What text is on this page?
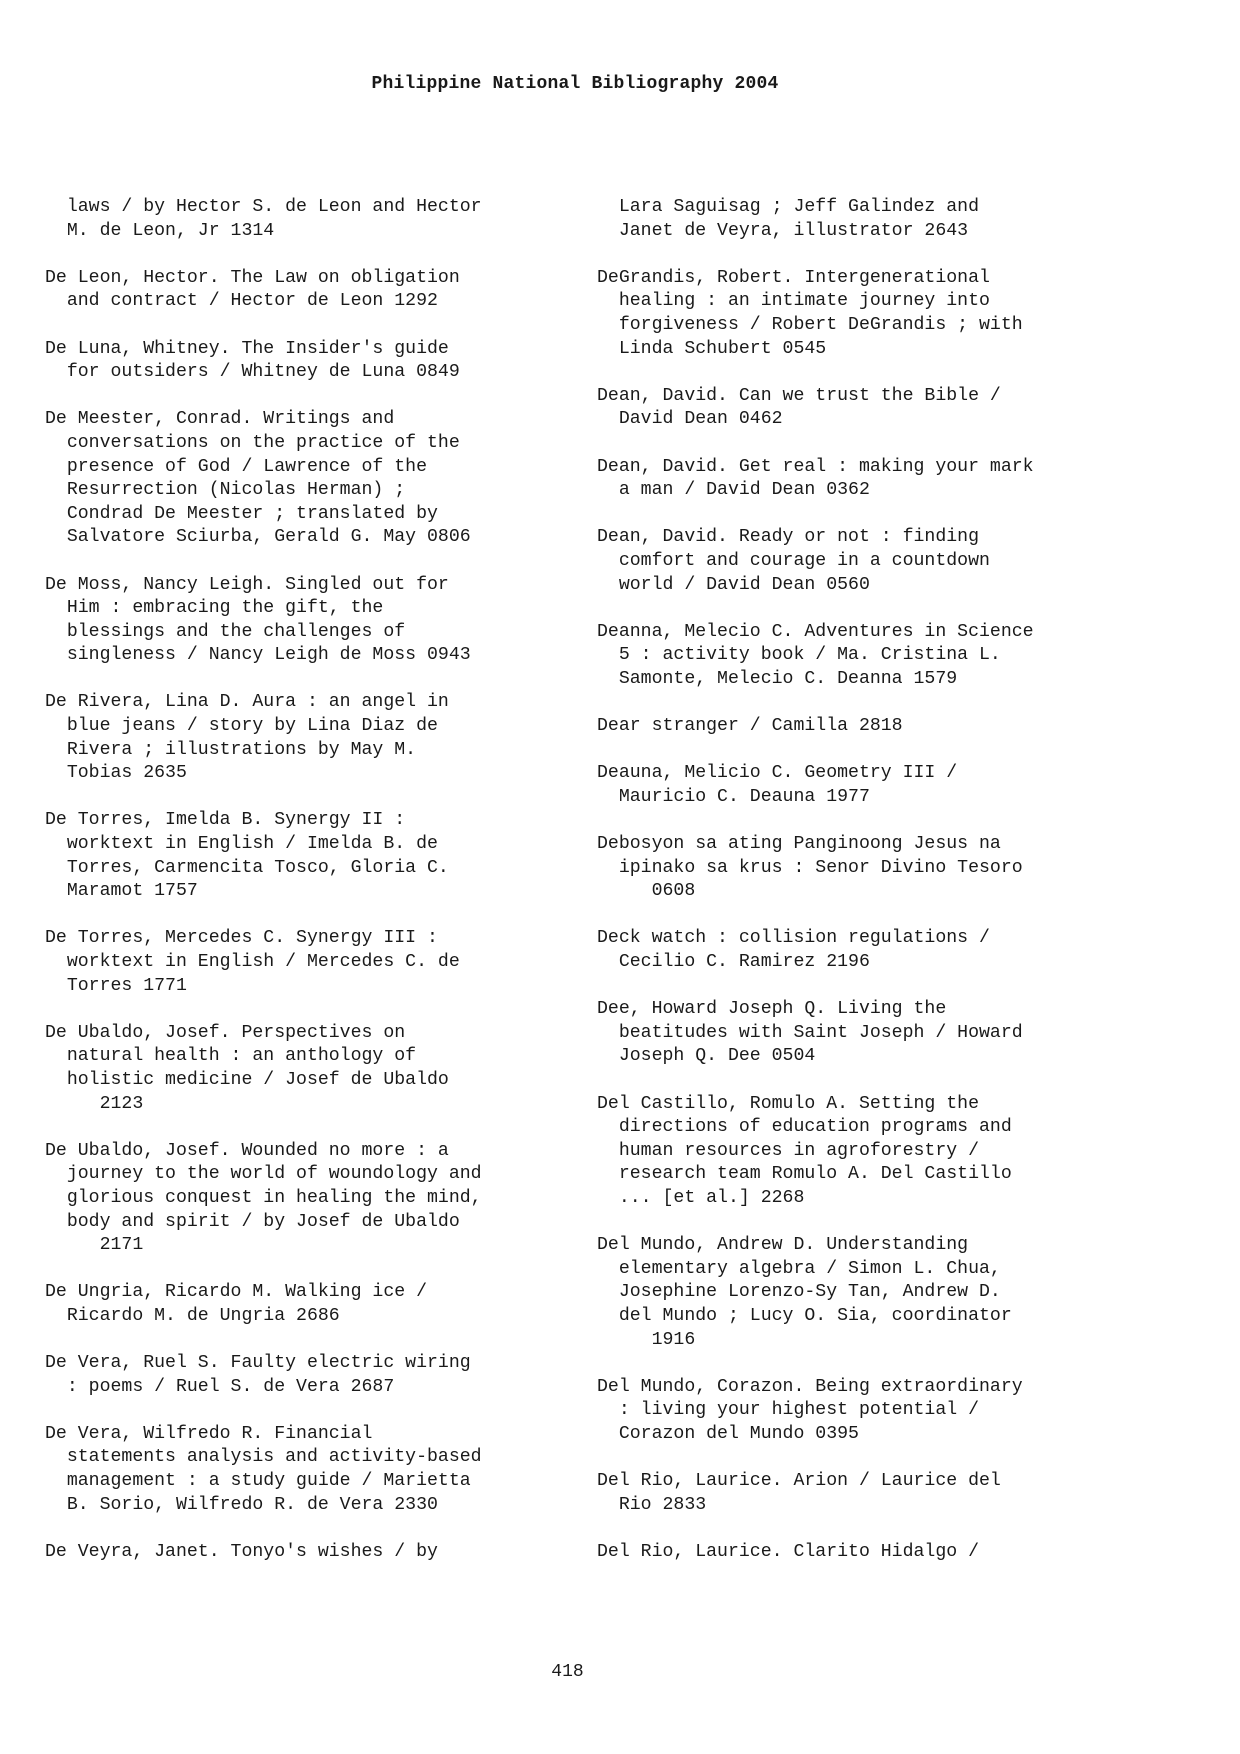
Philippine National Bibliography 2004
laws / by Hector S. de Leon and Hector
M. de Leon, Jr 1314
De Leon, Hector. The Law on obligation
and contract / Hector de Leon 1292
De Luna, Whitney. The Insider's guide
for outsiders / Whitney de Luna 0849
De Meester, Conrad. Writings and
conversations on the practice of the
presence of God / Lawrence of the
Resurrection (Nicolas Herman) ;
Condrad De Meester ; translated by
Salvatore Sciurba, Gerald G. May 0806
De Moss, Nancy Leigh. Singled out for
Him : embracing the gift, the
blessings and the challenges of
singleness / Nancy Leigh de Moss 0943
De Rivera, Lina D. Aura : an angel in
blue jeans / story by Lina Diaz de
Rivera ; illustrations by May M.
Tobias 2635
De Torres, Imelda B. Synergy II :
worktext in English / Imelda B. de
Torres, Carmencita Tosco, Gloria C.
Maramot 1757
De Torres, Mercedes C. Synergy III :
worktext in English / Mercedes C. de
Torres 1771
De Ubaldo, Josef. Perspectives on
natural health : an anthology of
holistic medicine / Josef de Ubaldo
2123
De Ubaldo, Josef. Wounded no more : a
journey to the world of woundology and
glorious conquest in healing the mind,
body and spirit / by Josef de Ubaldo
2171
De Ungria, Ricardo M. Walking ice /
Ricardo M. de Ungria 2686
De Vera, Ruel S. Faulty electric wiring
: poems / Ruel S. de Vera 2687
De Vera, Wilfredo R. Financial
statements analysis and activity-based
management : a study guide / Marietta
B. Sorio, Wilfredo R. de Vera 2330
De Veyra, Janet. Tonyo's wishes / by
Lara Saguisag ; Jeff Galindez and
Janet de Veyra, illustrator 2643
DeGrandis, Robert. Intergenerational
healing : an intimate journey into
forgiveness / Robert DeGrandis ; with
Linda Schubert 0545
Dean, David. Can we trust the Bible /
David Dean 0462
Dean, David. Get real : making your mark
a man / David Dean 0362
Dean, David. Ready or not : finding
comfort and courage in a countdown
world / David Dean 0560
Deanna, Melecio C. Adventures in Science
5 : activity book / Ma. Cristina L.
Samonte, Melecio C. Deanna 1579
Dear stranger / Camilla 2818
Deauna, Melicio C. Geometry III /
Mauricio C. Deauna 1977
Debosyon sa ating Panginoong Jesus na
ipinako sa krus : Senor Divino Tesoro
0608
Deck watch : collision regulations /
Cecilio C. Ramirez 2196
Dee, Howard Joseph Q. Living the
beatitudes with Saint Joseph / Howard
Joseph Q. Dee 0504
Del Castillo, Romulo A. Setting the
directions of education programs and
human resources in agroforestry /
research team Romulo A. Del Castillo
... [et al.] 2268
Del Mundo, Andrew D. Understanding
elementary algebra / Simon L. Chua,
Josephine Lorenzo-Sy Tan, Andrew D.
del Mundo ; Lucy O. Sia, coordinator
1916
Del Mundo, Corazon. Being extraordinary
: living your highest potential /
Corazon del Mundo 0395
Del Rio, Laurice. Arion / Laurice del
Rio 2833
Del Rio, Laurice. Clarito Hidalgo /
418
